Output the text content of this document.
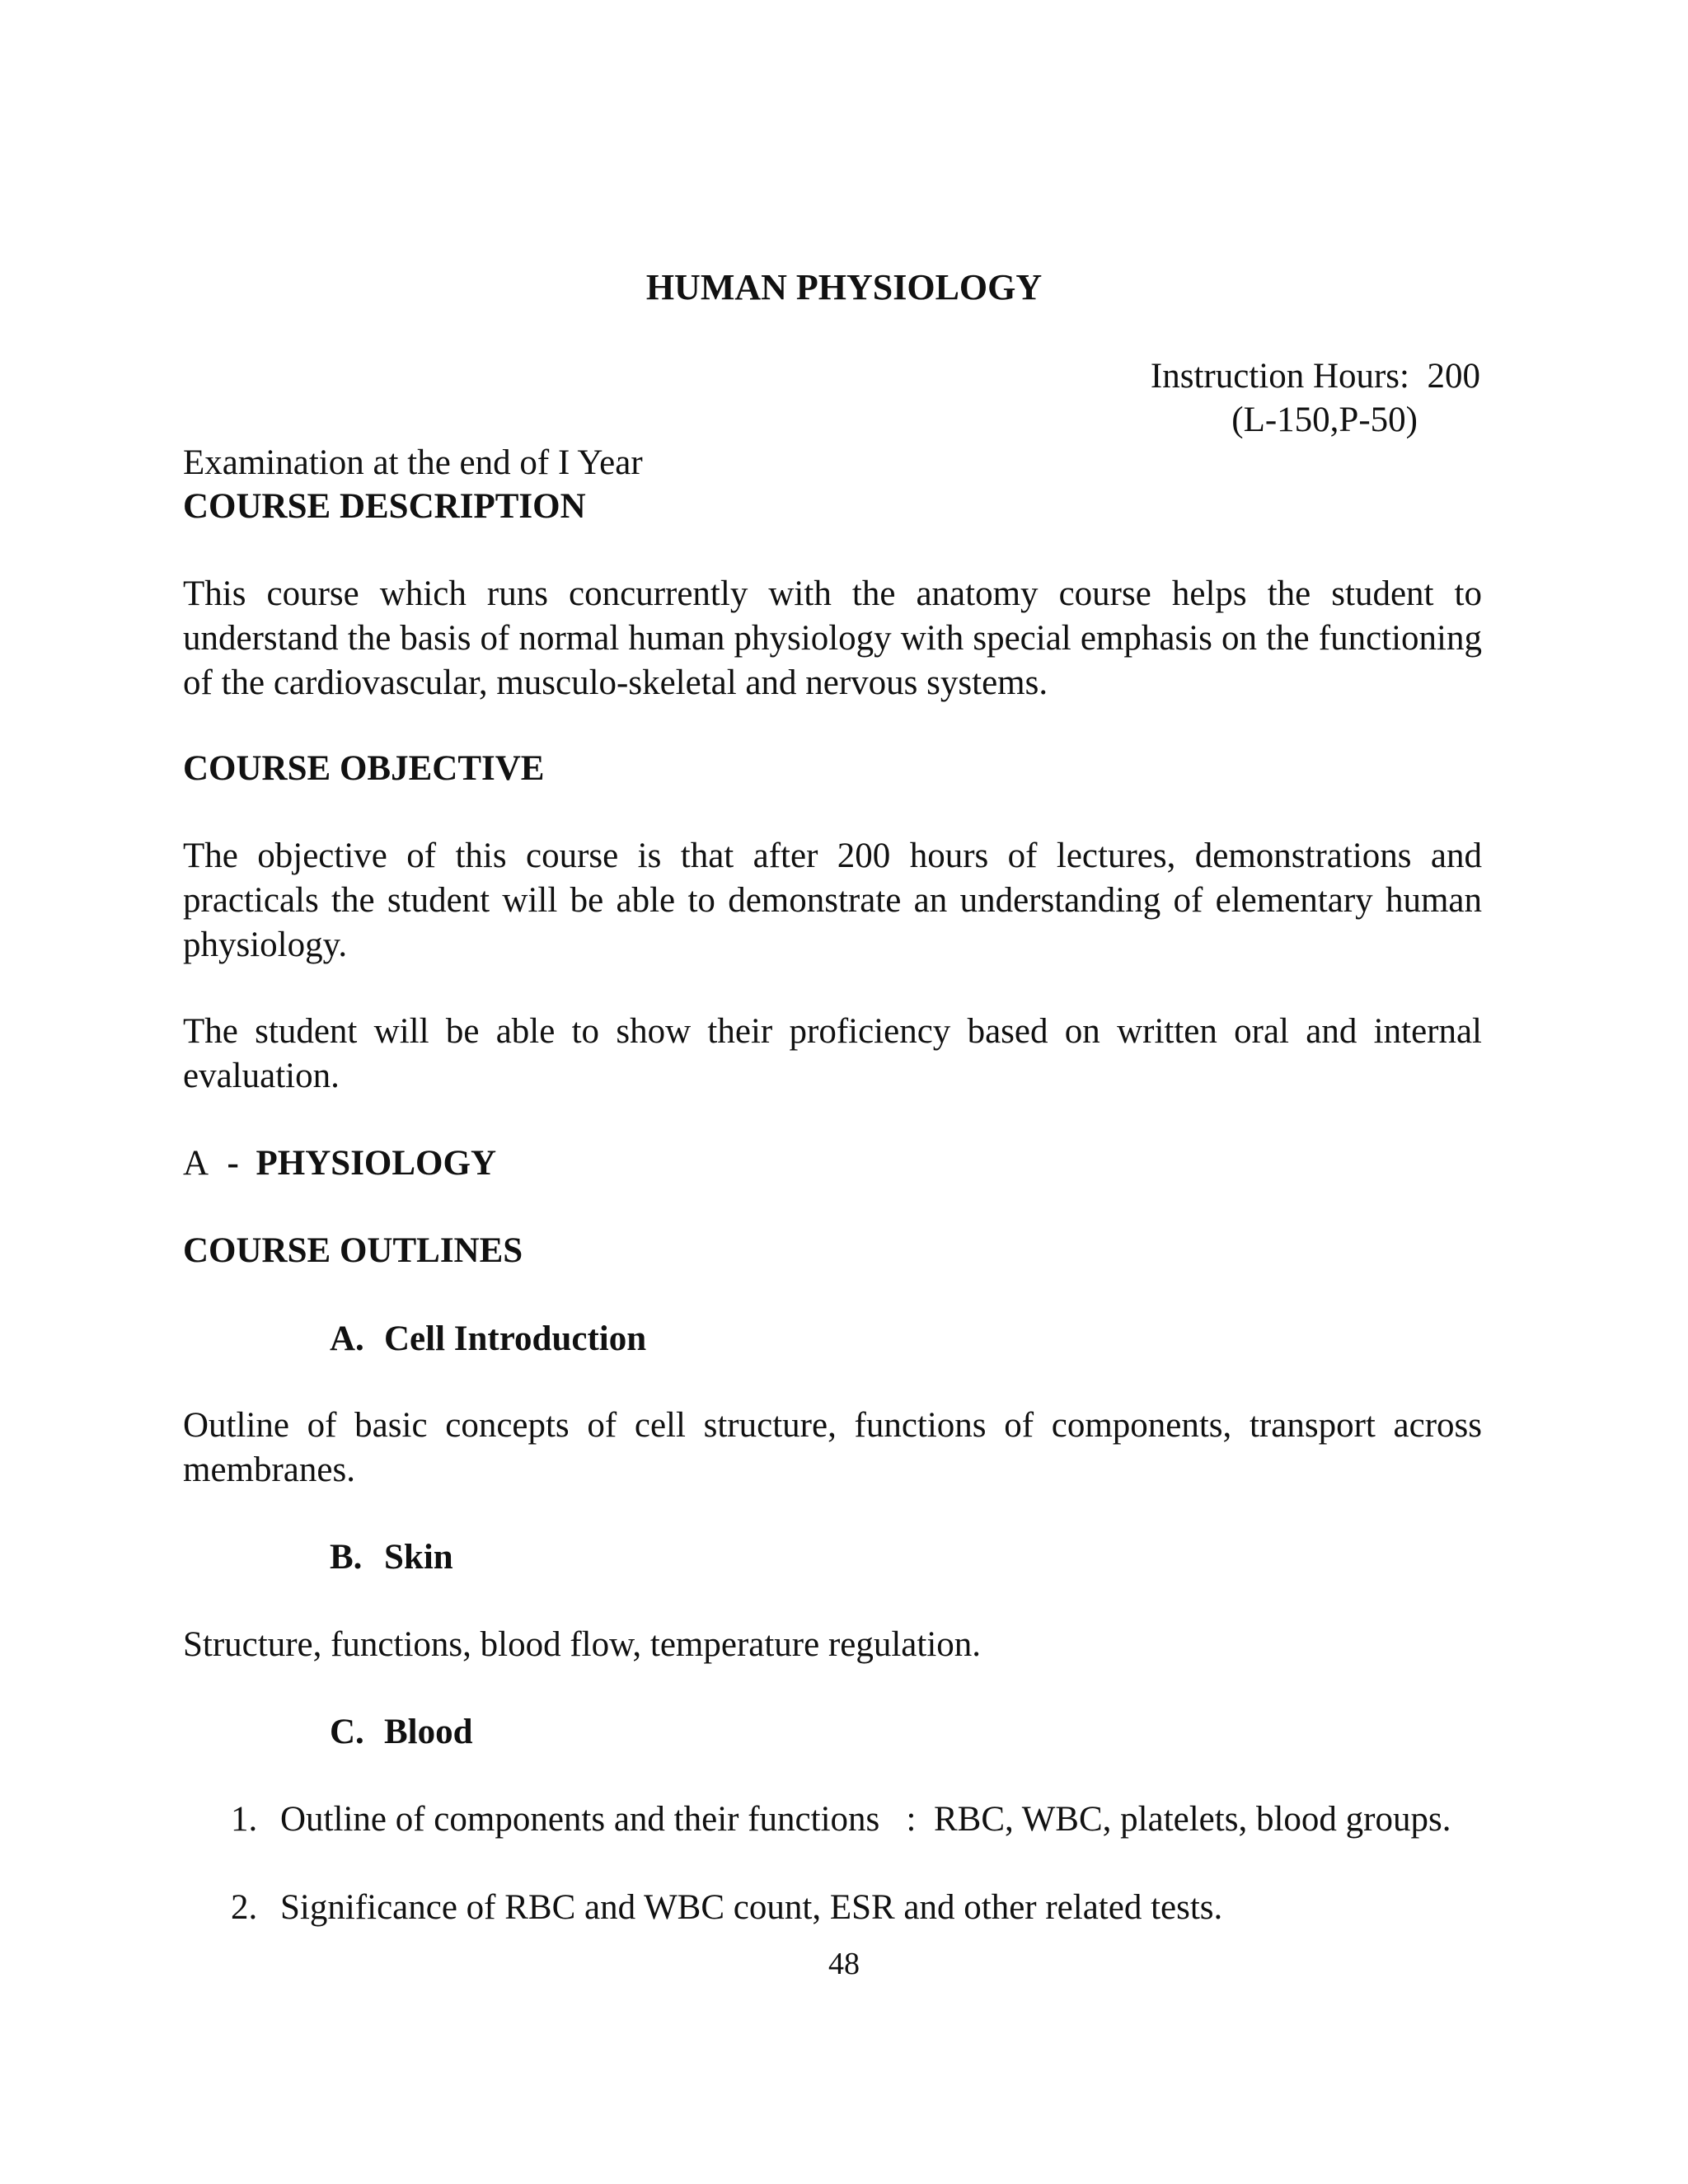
HUMAN PHYSIOLOGY
Instruction Hours:  200
(L-150,P-50)
Examination at the end of I Year
COURSE DESCRIPTION

This course which runs concurrently with the anatomy course helps the student to understand the basis of normal human physiology with special emphasis on the functioning of the cardiovascular, musculo-skeletal and nervous systems.

COURSE OBJECTIVE

The objective of this course is that after 200 hours of lectures, demonstrations and practicals the student will be able to demonstrate an understanding of elementary human physiology.

The student will be able to show their proficiency based on written oral and internal evaluation.

A - PHYSIOLOGY
COURSE OUTLINES
A. Cell Introduction

Outline of basic concepts of cell structure, functions of components, transport across membranes.

B. Skin

Structure, functions, blood flow, temperature regulation.

C. Blood
1. Outline of components and their functions   :  RBC, WBC, platelets, blood groups.
2. Significance of RBC and WBC count, ESR and other related tests.
48
